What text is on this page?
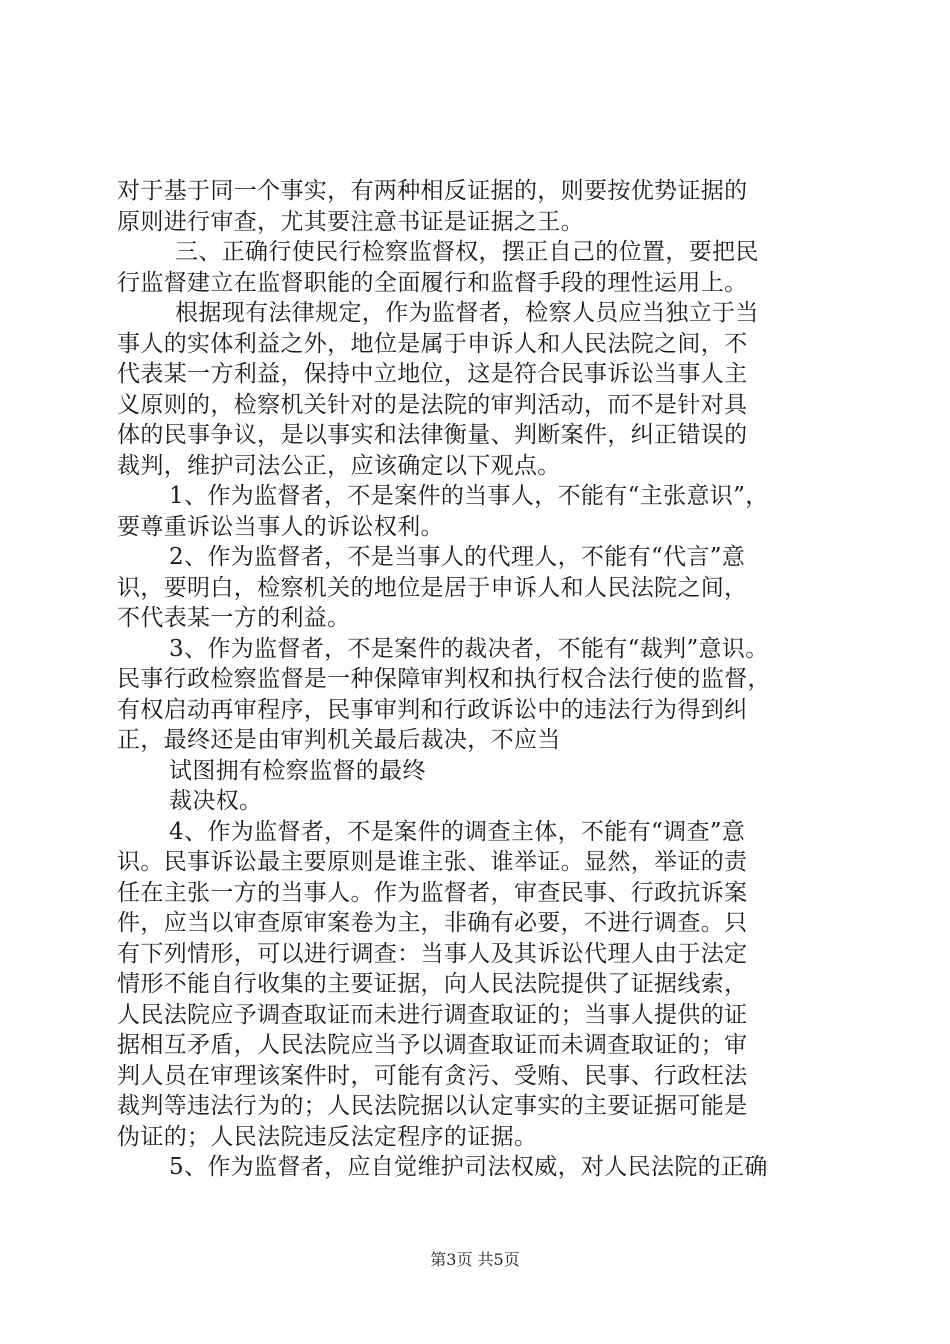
对于基于同一个事实，有两种相反证据的，则要按优势证据的
原则进行审查，尤其要注意书证是证据之王。
三、正确行使民行检察监督权，摆正自己的位置，要把民
行监督建立在监督职能的全面履行和监督手段的理性运用上。
根据现有法律规定，作为监督者，检察人员应当独立于当
事人的实体利益之外，地位是属于申诉人和人民法院之间，不
代表某一方利益，保持中立地位，这是符合民事诉讼当事人主
义原则的，检察机关针对的是法院的审判活动，而不是针对具
体的民事争议，是以事实和法律衡量、判断案件，纠正错误的
裁判，维护司法公正，应该确定以下观点。
1、作为监督者，不是案件的当事人，不能有“主张意识”，
要尊重诉讼当事人的诉讼权利。
2、作为监督者，不是当事人的代理人，不能有“代言”意
识，要明白，检察机关的地位是居于申诉人和人民法院之间，
不代表某一方的利益。
3、作为监督者，不是案件的裁决者，不能有“裁判”意识。
民事行政检察监督是一种保障审判权和执行权合法行使的监督，
有权启动再审程序，民事审判和行政诉讼中的违法行为得到纠
正，最终还是由审判机关最后裁决，不应当
试图拥有检察监督的最终
裁决权。
4、作为监督者，不是案件的调查主体，不能有“调查”意
识。民事诉讼最主要原则是谁主张、谁举证。显然，举证的责
任在主张一方的当事人。作为监督者，审查民事、行政抗诉案
件，应当以审查原审案卷为主，非确有必要，不进行调查。只
有下列情形，可以进行调查：当事人及其诉讼代理人由于法定
情形不能自行收集的主要证据，向人民法院提供了证据线索，
人民法院应予调查取证而未进行调查取证的；当事人提供的证
据相互矛盾，人民法院应当予以调查取证而未调查取证的；审
判人员在审理该案件时，可能有贪污、受贿、民事、行政枉法
裁判等违法行为的；人民法院据以认定事实的主要证据可能是
伪证的；人民法院违反法定程序的证据。
5、作为监督者，应自觉维护司法权威，对人民法院的正确
第3页 共5页
